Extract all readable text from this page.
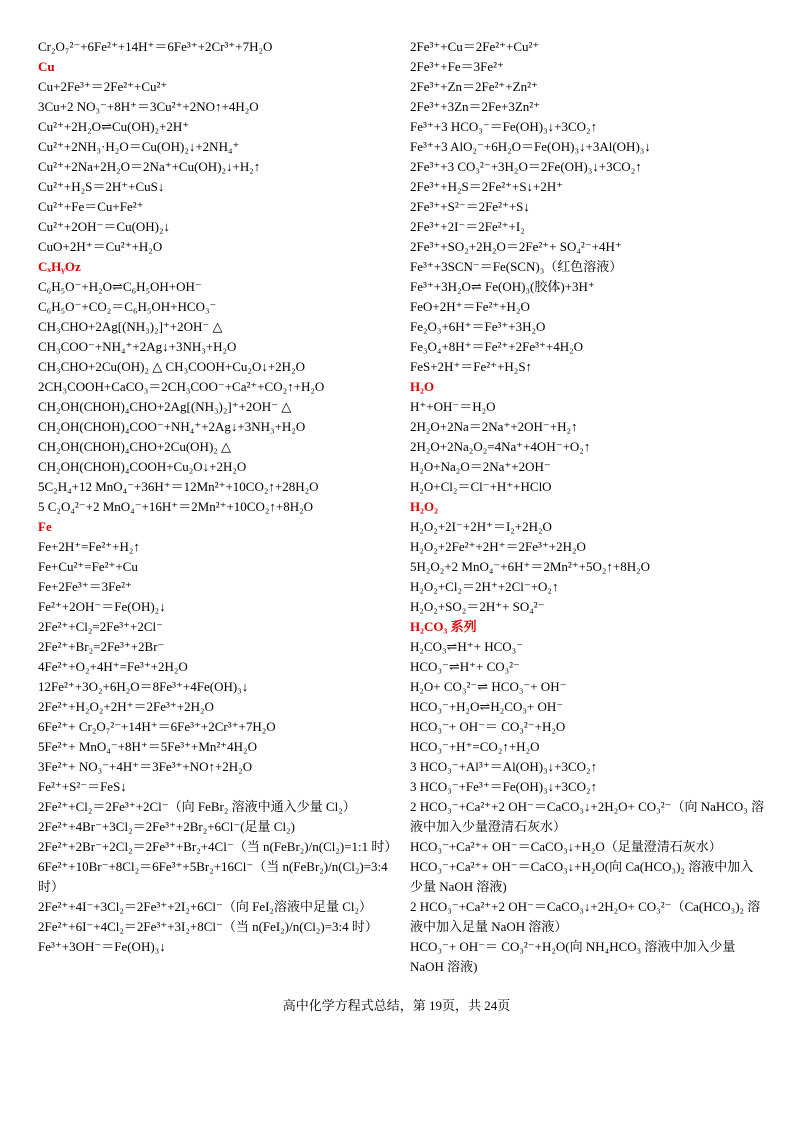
Cr₂O₇²⁻+6Fe²⁺+14H⁺＝6Fe³⁺+2Cr³⁺+7H₂O
Cu
Cu+2Fe³⁺＝2Fe²⁺+Cu²⁺
3Cu+2 NO₃⁻+8H⁺＝3Cu²⁺+2NO↑+4H₂O
Cu²⁺+2H₂O⇌Cu(OH)₂+2H⁺
Cu²⁺+2NH₃·H₂O＝Cu(OH)₂↓+2NH₄⁺
Cu²⁺+2Na+2H₂O＝2Na⁺+Cu(OH)₂↓+H₂↑
Cu²⁺+H₂S＝2H⁺+CuS↓
Cu²⁺+Fe＝Cu+Fe²⁺
Cu²⁺+2OH⁻＝Cu(OH)₂↓
CuO+2H⁺＝Cu²⁺+H₂O
CₓHᵧOz
C₆H₅O⁻+H₂O⇌C₆H₅OH+OH⁻
C₆H₅O⁻+CO₂＝C₆H₅OH+HCO₃⁻
CH₃CHO+2Ag[(NH₃)₂]⁺+2OH⁻ △ CH₃COO⁻+NH₄⁺+2Ag↓+3NH₃+H₂O
CH₃CHO+2Cu(OH)₂ △ CH₃COOH+Cu₂O↓+2H₂O
2CH₃COOH+CaCO₃＝2CH₃COO⁻+Ca²⁺+CO₂↑+H₂O
CH₂OH(CHOH)₄CHO+2Ag[(NH₃)₂]⁺+2OH⁻ △
CH₂OH(CHOH)₄COO⁻+NH₄⁺+2Ag↓+3NH₃+H₂O
CH₂OH(CHOH)₄CHO+2Cu(OH)₂ △
CH₂OH(CHOH)₄COOH+Cu₂O↓+2H₂O
5C₂H₄+12 MnO₄⁻+36H⁺＝12Mn²⁺+10CO₂↑+28H₂O
5 C₂O₄²⁻+2 MnO₄⁻+16H⁺＝2Mn²⁺+10CO₂↑+8H₂O
Fe
Fe+2H⁺=Fe²⁺+H₂↑
Fe+Cu²⁺=Fe²⁺+Cu
Fe+2Fe³⁺＝3Fe²⁺
Fe²⁺+2OH⁻＝Fe(OH)₂↓
2Fe²⁺+Cl₂=2Fe³⁺+2Cl⁻
2Fe²⁺+Br₂=2Fe³⁺+2Br⁻
4Fe²⁺+O₂+4H⁺=Fe³⁺+2H₂O
12Fe²⁺+3O₂+6H₂O＝8Fe³⁺+4Fe(OH)₃↓
2Fe²⁺+H₂O₂+2H⁺＝2Fe³⁺+2H₂O
6Fe²⁺+ Cr₂O₇²⁻+14H⁺＝6Fe³⁺+2Cr³⁺+7H₂O
5Fe²⁺+ MnO₄⁻+8H⁺＝5Fe³⁺+Mn²⁺4H₂O
3Fe²⁺+ NO₃⁻+4H⁺＝3Fe³⁺+NO↑+2H₂O
Fe²⁺+S²⁻＝FeS↓
2Fe²⁺+Cl₂＝2Fe³⁺+2Cl⁻（向 FeBr₂ 溶液中通入少量 Cl₂）
2Fe²⁺+4Br⁻+3Cl₂＝2Fe³⁺+2Br₂+6Cl⁻(足量 Cl₂)
2Fe²⁺+2Br⁻+2Cl₂＝2Fe³⁺+Br₂+4Cl⁻（当 n(FeBr₂)/n(Cl₂)=1:1 时）
6Fe²⁺+10Br⁻+8Cl₂＝6Fe³⁺+5Br₂+16Cl⁻（当 n(FeBr₂)/n(Cl₂)=3:4 时）
2Fe²⁺+4I⁻+3Cl₂＝2Fe³⁺+2I₂+6Cl⁻（向 FeI₂溶液中足量 Cl₂）
2Fe²⁺+6I⁻+4Cl₂＝2Fe³⁺+3I₂+8Cl⁻（当 n(FeI₂)/n(Cl₂)=3:4 时）
Fe³⁺+3OH⁻＝Fe(OH)₃↓
2Fe³⁺+Cu＝2Fe²⁺+Cu²⁺
2Fe³⁺+Fe＝3Fe²⁺
2Fe³⁺+Zn＝2Fe²⁺+Zn²⁺
2Fe³⁺+3Zn＝2Fe+3Zn²⁺
Fe³⁺+3 HCO₃⁻＝Fe(OH)₃↓+3CO₂↑
Fe³⁺+3 AlO₂⁻+6H₂O＝Fe(OH)₃↓+3Al(OH)₃↓
2Fe³⁺+3 CO₃²⁻+3H₂O＝2Fe(OH)₃↓+3CO₂↑
2Fe³⁺+H₂S＝2Fe²⁺+S↓+2H⁺
2Fe³⁺+S²⁻＝2Fe²⁺+S↓
2Fe³⁺+2I⁻＝2Fe²⁺+I₂
2Fe³⁺+SO₂+2H₂O＝2Fe²⁺+ SO₄²⁻+4H⁺
Fe³⁺+3SCN⁻＝Fe(SCN)₃（红色溶液）
Fe³⁺+3H₂O⇌ Fe(OH)₃(胶体)+3H⁺
FeO+2H⁺＝Fe²⁺+H₂O
Fe₂O₃+6H⁺＝Fe³⁺+3H₂O
Fe₃O₄+8H⁺＝Fe²⁺+2Fe³⁺+4H₂O
FeS+2H⁺＝Fe²⁺+H₂S↑
H₂O
H⁺+OH⁻＝H₂O
2H₂O+2Na＝2Na⁺+2OH⁻+H₂↑
2H₂O+2Na₂O₂=4Na⁺+4OH⁻+O₂↑
H₂O+Na₂O＝2Na⁺+2OH⁻
H₂O+Cl₂＝Cl⁻+H⁺+HClO
H₂O₂
H₂O₂+2I⁻+2H⁺＝I₂+2H₂O
H₂O₂+2Fe²⁺+2H⁺＝2Fe³⁺+2H₂O
5H₂O₂+2 MnO₄⁻+6H⁺＝2Mn²⁺+5O₂↑+8H₂O
H₂O₂+Cl₂＝2H⁺+2Cl⁻+O₂↑
H₂O₂+SO₂＝2H⁺+ SO₄²⁻
H₂CO₃ 系列
H₂CO₃⇌H⁺+ HCO₃⁻
HCO₃⁻⇌H⁺+ CO₃²⁻
H₂O+ CO₃²⁻⇌ HCO₃⁻+ OH⁻
HCO₃⁻+H₂O⇌H₂CO₃+ OH⁻
HCO₃⁻+ OH⁻＝ CO₃²⁻+H₂O
HCO₃⁻+H⁺=CO₂↑+H₂O
3 HCO₃⁻+Al³⁺＝Al(OH)₃↓+3CO₂↑
3 HCO₃⁻+Fe³⁺＝Fe(OH)₃↓+3CO₂↑
2 HCO₃⁻+Ca²⁺+2 OH⁻＝CaCO₃↓+2H₂O+ CO₃²⁻（向 NaHCO₃ 溶液中加入少量澄清石灰水）
HCO₃⁻+Ca²⁺+ OH⁻＝CaCO₃↓+H₂O（足量澄清石灰水）
HCO₃⁻+Ca²⁺+ OH⁻＝CaCO₃↓+H₂O(向 Ca(HCO₃)₂ 溶液中加入少量 NaOH 溶液)
2 HCO₃⁻+Ca²⁺+2 OH⁻＝CaCO₃↓+2H₂O+ CO₃²⁻（Ca(HCO₃)₂ 溶液中加入足量 NaOH 溶液）
HCO₃⁻+ OH⁻＝ CO₃²⁻+H₂O(向 NH₄HCO₃ 溶液中加入少量 NaOH 溶液)
高中化学方程式总结，第 19页，共 24页
